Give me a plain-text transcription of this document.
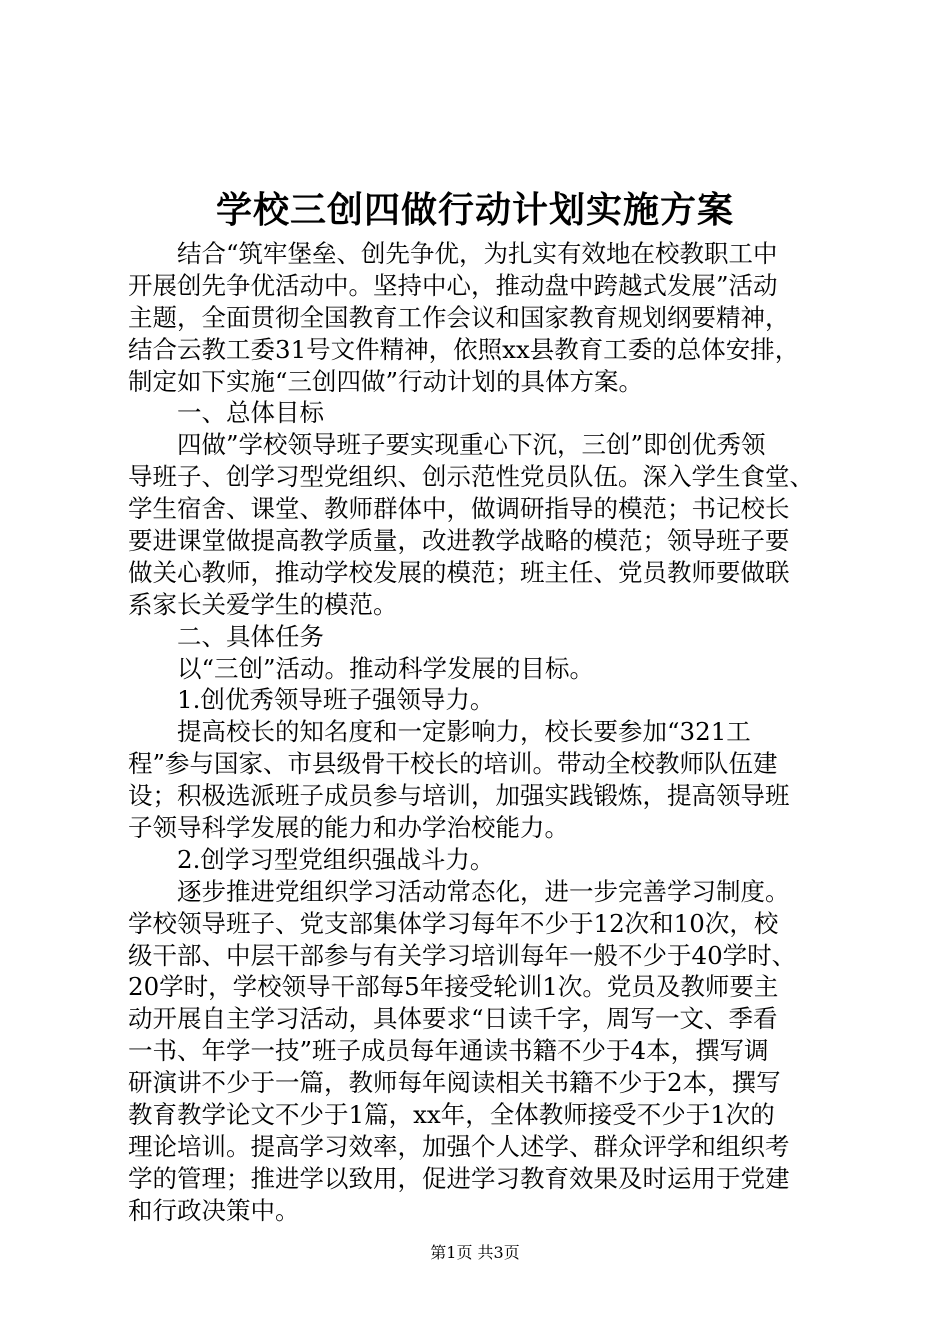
学校三创四做行动计划实施方案
结合“筑牢堡垒、创先争优，为扎实有效地在校教职工中
开展创先争优活动中。坚持中心，推动盘中跨越式发展”活动
主题，全面贯彻全国教育工作会议和国家教育规划纲要精神，
结合云教工委31号文件精神，依照xx县教育工委的总体安排，
制定如下实施“三创四做”行动计划的具体方案。
一、总体目标
四做”学校领导班子要实现重心下沉，三创”即创优秀领
导班子、创学习型党组织、创示范性党员队伍。深入学生食堂、
学生宿舍、课堂、教师群体中，做调研指导的模范；书记校长
要进课堂做提高教学质量，改进教学战略的模范；领导班子要
做关心教师，推动学校发展的模范；班主任、党员教师要做联
系家长关爱学生的模范。
二、具体任务
以“三创”活动。推动科学发展的目标。
1.创优秀领导班子强领导力。
提高校长的知名度和一定影响力，校长要参加“321工
程”参与国家、市县级骨干校长的培训。带动全校教师队伍建
设；积极选派班子成员参与培训，加强实践锻炼，提高领导班
子领导科学发展的能力和办学治校能力。
2.创学习型党组织强战斗力。
逐步推进党组织学习活动常态化，进一步完善学习制度。
学校领导班子、党支部集体学习每年不少于12次和10次，校
级干部、中层干部参与有关学习培训每年一般不少于40学时、
20学时，学校领导干部每5年接受轮训1次。党员及教师要主
动开展自主学习活动，具体要求“日读千字，周写一文、季看
一书、年学一技”班子成员每年通读书籍不少于4本，撰写调
研演讲不少于一篇，教师每年阅读相关书籍不少于2本，撰写
教育教学论文不少于1篇，xx年，全体教师接受不少于1次的
理论培训。提高学习效率，加强个人述学、群众评学和组织考
学的管理；推进学以致用，促进学习教育效果及时运用于党建
和行政决策中。
第1页 共3页
